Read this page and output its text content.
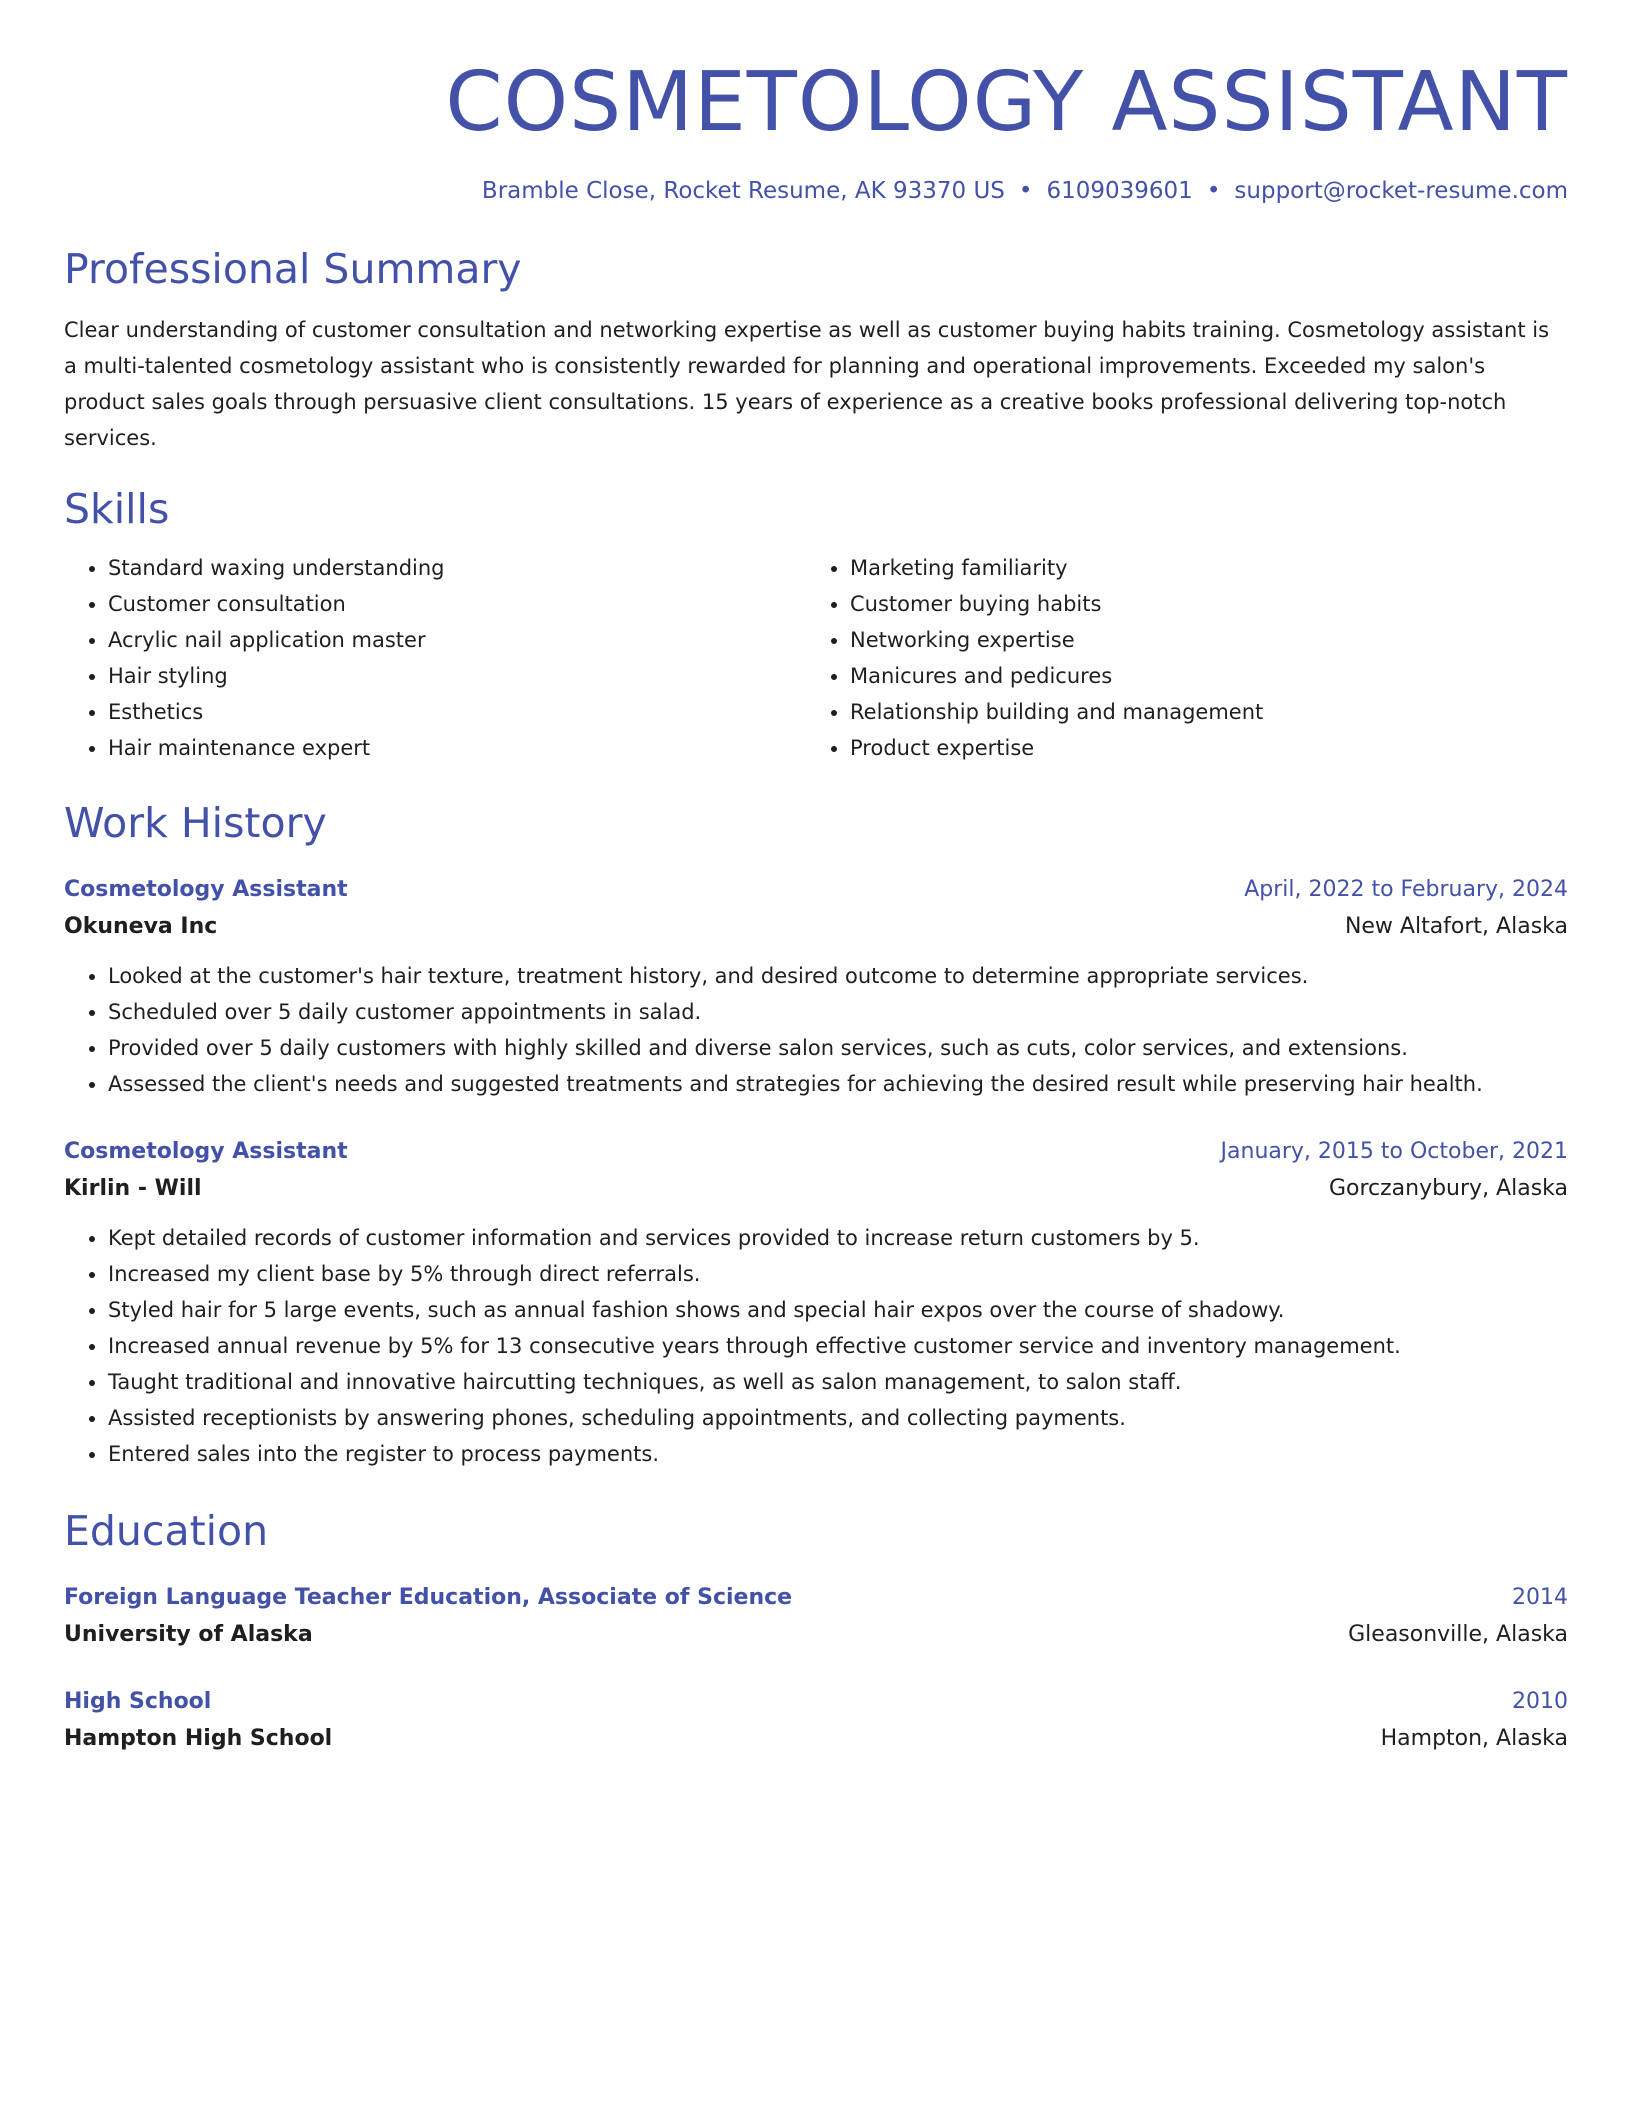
COSMETOLOGY ASSISTANT
Bramble Close, Rocket Resume, AK 93370 US • 6109039601 • support@rocket-resume.com
Professional Summary
Clear understanding of customer consultation and networking expertise as well as customer buying habits training. Cosmetology assistant is a multi-talented cosmetology assistant who is consistently rewarded for planning and operational improvements. Exceeded my salon's product sales goals through persuasive client consultations. 15 years of experience as a creative books professional delivering top-notch services.
Skills
• Standard waxing understanding
• Customer consultation
• Acrylic nail application master
• Hair styling
• Esthetics
• Hair maintenance expert
• Marketing familiarity
• Customer buying habits
• Networking expertise
• Manicures and pedicures
• Relationship building and management
• Product expertise
Work History
Cosmetology Assistant	April, 2022 to February, 2024
Okuneva Inc	New Altafort, Alaska
• Looked at the customer's hair texture, treatment history, and desired outcome to determine appropriate services.
• Scheduled over 5 daily customer appointments in salad.
• Provided over 5 daily customers with highly skilled and diverse salon services, such as cuts, color services, and extensions.
• Assessed the client's needs and suggested treatments and strategies for achieving the desired result while preserving hair health.
Cosmetology Assistant	January, 2015 to October, 2021
Kirlin - Will	Gorczanybury, Alaska
• Kept detailed records of customer information and services provided to increase return customers by 5.
• Increased my client base by 5% through direct referrals.
• Styled hair for 5 large events, such as annual fashion shows and special hair expos over the course of shadowy.
• Increased annual revenue by 5% for 13 consecutive years through effective customer service and inventory management.
• Taught traditional and innovative haircutting techniques, as well as salon management, to salon staff.
• Assisted receptionists by answering phones, scheduling appointments, and collecting payments.
• Entered sales into the register to process payments.
Education
Foreign Language Teacher Education, Associate of Science	2014
University of Alaska	Gleasonville, Alaska
High School	2010
Hampton High School	Hampton, Alaska
